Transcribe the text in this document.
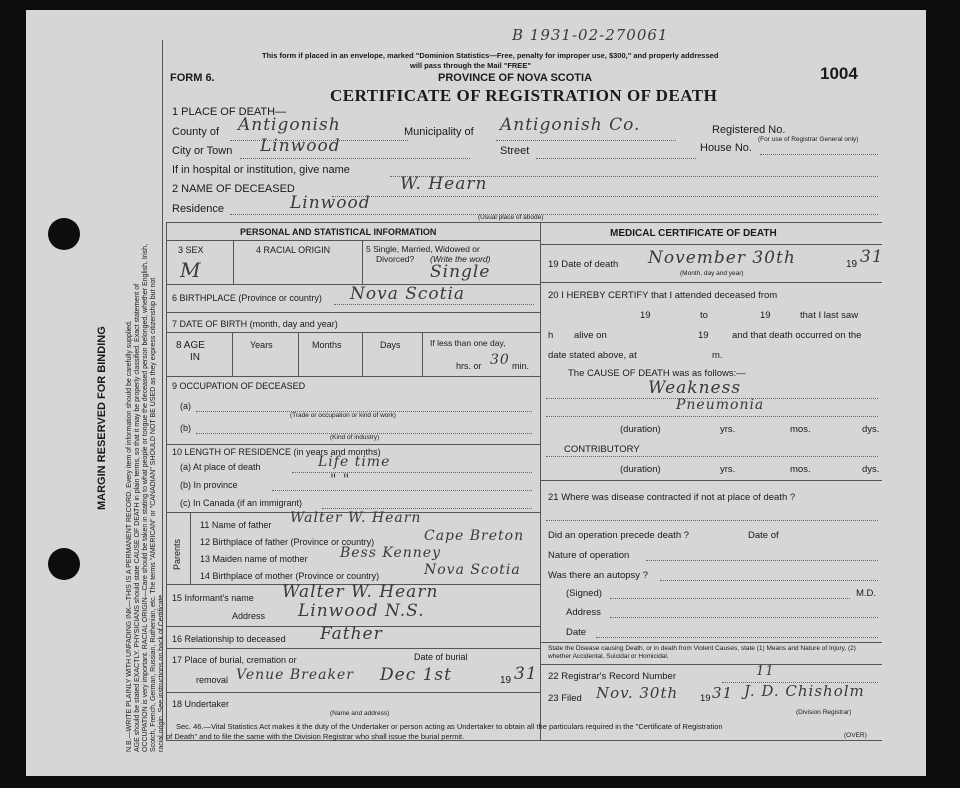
MARGIN RESERVED FOR BINDING	N.B.—WRITE PLAINLY WITH UNFADING INK—THIS IS A PERMANENT RECORD. Every item of information should be carefully supplied. AGE should be stated EXACTLY. PHYSICIANS should state CAUSE OF DEATH in plain terms, so that it may be properly classified. Exact statement of OCCUPATION is very important. RACIAL ORIGIN—Care should be taken in stating to what people or tongue the deceased person belonged, whether English, Irish, Scotch, French, German, Russian, Ruthenian, etc. The terms "AMERICAN" or "CANADIAN" SHOULD NOT BE USED as they express citizenship but not racial origin. See instructions on back of Certificate.
B 1931-02-270061
This form if placed in an envelope, marked "Dominion Statistics—Free, penalty for improper use, $300," and properly addressed
will pass through the Mail "FREE"
FORM 6.	PROVINCE OF NOVA SCOTIA	1004
CERTIFICATE OF REGISTRATION OF DEATH
1 PLACE OF DEATH—
County of Antigonish	Municipality of Antigonish Co.	Registered No.
(For use of Registrar General only)
City or Town Linwood	Street	House No.
If in hospital or institution, give name
2 NAME OF DECEASED	W. Hearn
Residence	Linwood
(Usual place of abode)
PERSONAL AND STATISTICAL INFORMATION
3 SEX
M
4 RACIAL ORIGIN	5 Single, Married, Widowed or
Divorced? (Write the word)
Single
6 BIRTHPLACE (Province or country) Nova Scotia
7 DATE OF BIRTH (month, day and year)
8 AGE
IN
Years	Months	Days	If less than one day,
hrs. or 30 min.
9 OCCUPATION OF DECEASED
(a)
(Trade or occupation or kind of work)
(b)
(Kind of industry)
10 LENGTH OF RESIDENCE (in years and months)
(a) At place of death	Life time
(b) In province	" "
(c) In Canada (if an immigrant)
Parents
11 Name of father Walter W. Hearn
12 Birthplace of father (Province or country)	Cape Breton
13 Maiden name of mother Bess Kenney
14 Birthplace of mother (Province or country)	Nova Scotia
15 Informant's name Walter W. Hearn
Address Linwood N.S.
16 Relationship to deceased Father
17 Place of burial, cremation or
removal Venue Breaker
Date of burial
Dec 1st	19 31
18 Undertaker
(Name and address)
MEDICAL CERTIFICATE OF DEATH
19 Date of death November 30th
(Month, day and year)
19 31
20 I HEREBY CERTIFY that I attended deceased from
19	to	19	that I last saw
h alive on	19 and that death occurred on the
date stated above, at	m.
The CAUSE OF DEATH was as follows:—
Weakness
Pneumonia
(duration)	yrs.	mos.	dys.
CONTRIBUTORY
(duration)	yrs.	mos.	dys.
21 Where was disease contracted if not at place of death ?
Did an operation precede death ?	Date of
Nature of operation
Was there an autopsy ?
(Signed)	M.D.
Address
Date
State the Disease causing Death, or in death from Violent Causes, state (1) Means and Nature of Injury, (2) whether Accidental, Suicidal or Homicidal.
22 Registrar's Record Number	11
23 Filed Nov. 30th 19 31 J. D. Chisholm
(Division Registrar)
Sec. 46.—Vital Statistics Act makes it the duty of the Undertaker or person acting as Undertaker to obtain all the particulars required in the "Certificate of Registration
of Death" and to file the same with the Division Registrar who shall issue the burial permit.	(OVER)
